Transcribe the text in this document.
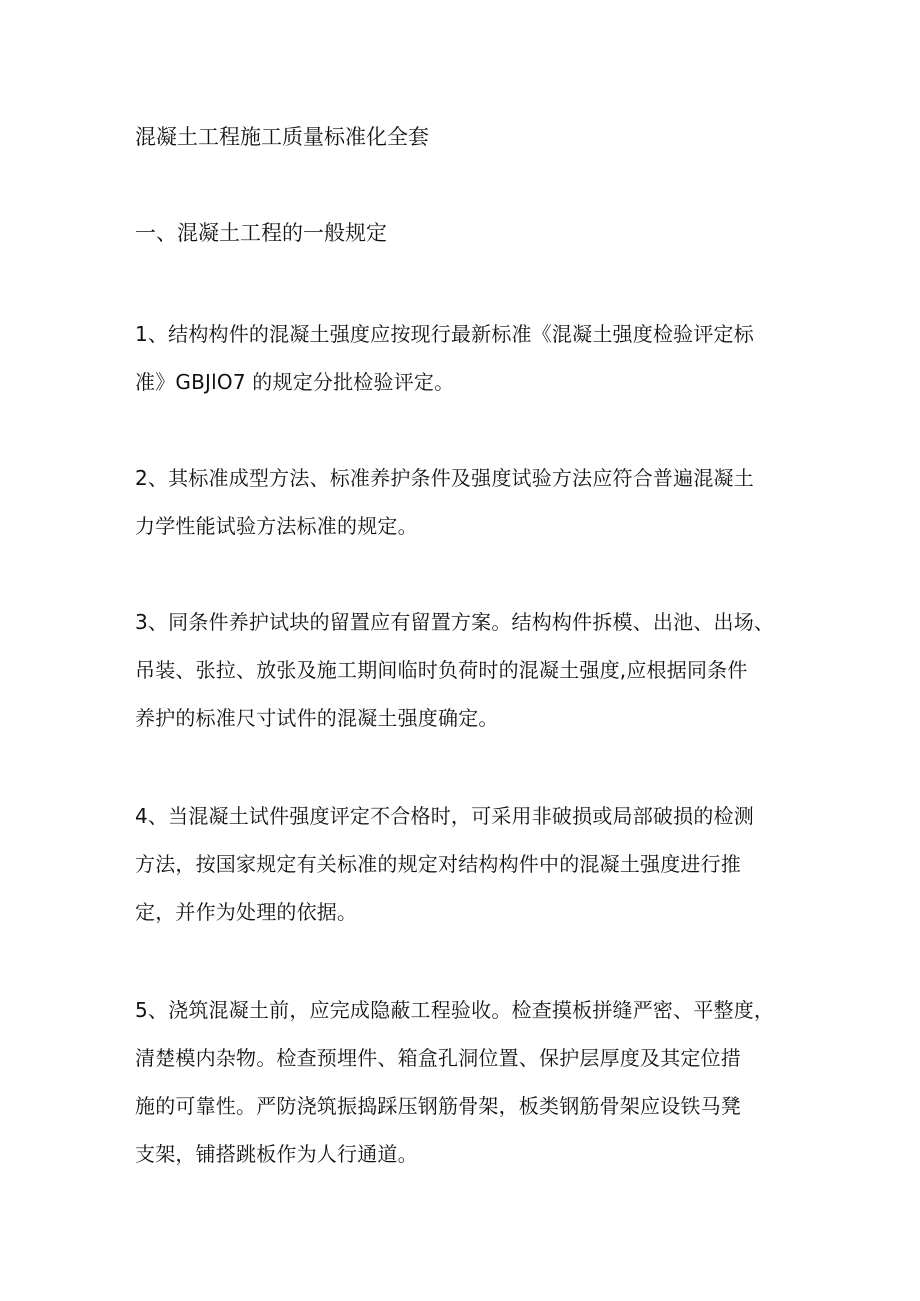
混凝土工程施工质量标准化全套
一、混凝土工程的一般规定

1、结构构件的混凝土强度应按现行最新标准《混凝土强度检验评定标
准》GBJlO7 的规定分批检验评定。

2、其标准成型方法、标准养护条件及强度试验方法应符合普遍混凝土
力学性能试验方法标准的规定。

3、同条件养护试块的留置应有留置方案。结构构件拆模、出池、出场、
吊装、张拉、放张及施工期间临时负荷时的混凝土强度,应根据同条件
养护的标准尺寸试件的混凝土强度确定。

4、当混凝土试件强度评定不合格时，可采用非破损或局部破损的检测
方法，按国家规定有关标准的规定对结构构件中的混凝土强度进行推
定，并作为处理的依据。

5、浇筑混凝土前，应完成隐蔽工程验收。检查摸板拼缝严密、平整度，
清楚模内杂物。检查预埋件、箱盒孔洞位置、保护层厚度及其定位措
施的可靠性。严防浇筑振捣踩压钢筋骨架，板类钢筋骨架应设铁马凳
支架，铺搭跳板作为人行通道。
